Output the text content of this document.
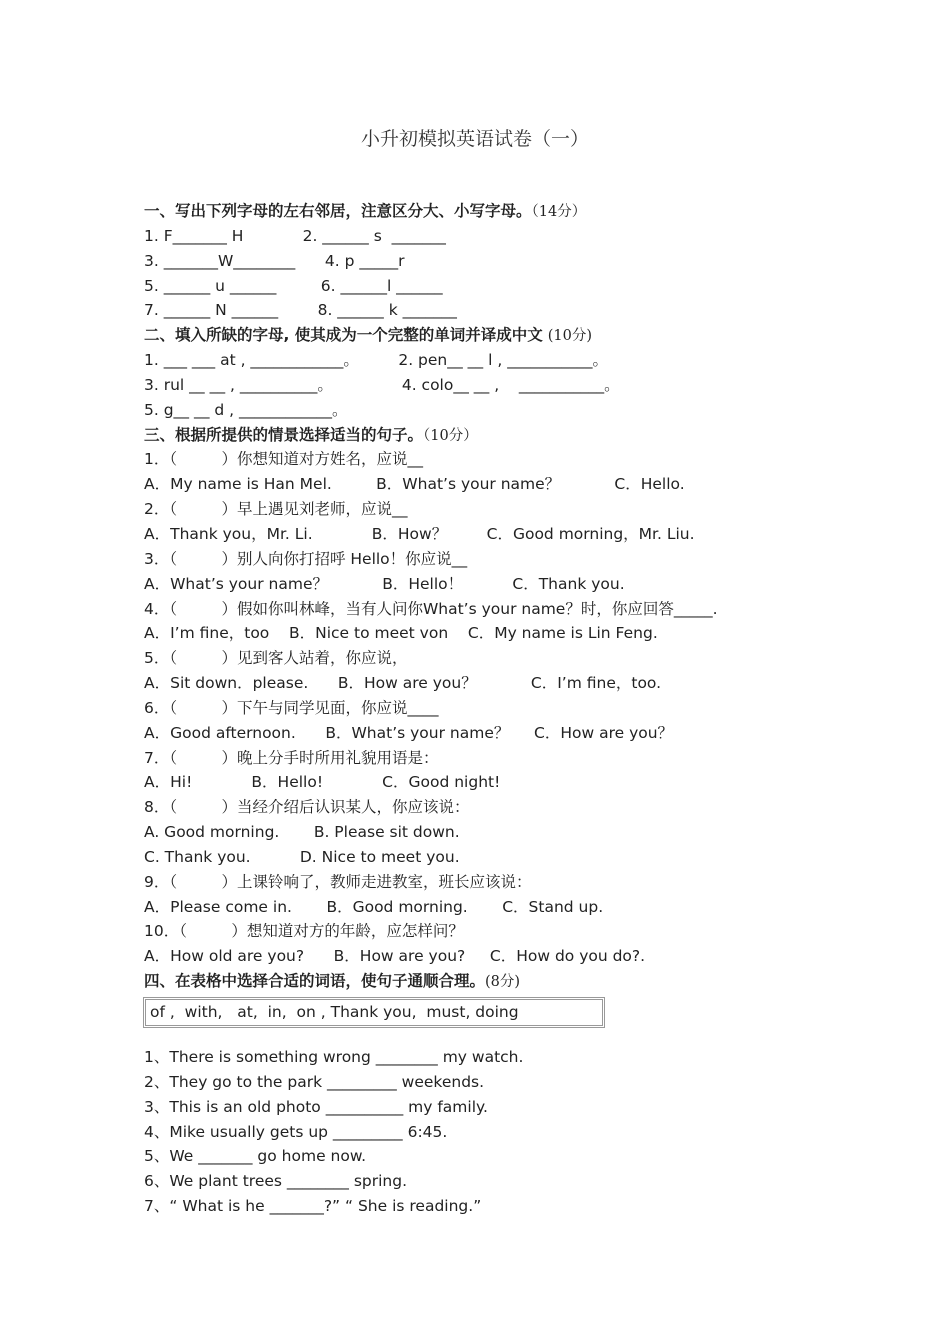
小升初模拟英语试卷（一）
一、写出下列字母的左右邻居，注意区分大、小写字母。（14分）
1. F_______ H            2. ______ s  _______
3. _______W________      4. p _____r
5. ______ u ______         6. ______l ______
7. ______ N ______        8. ______ k _______
二、填入所缺的字母, 使其成为一个完整的单词并译成中文 (10分)
1. ___ ___ at , ____________。        2. pen__ __ l , ___________。
3. rul __ __ , __________。              4. colo__ __ ,    ___________。
5. g__ __ d , ____________。
三、根据所提供的情景选择适当的句子。（10分）
1．（         ）你想知道对方姓名，应说__
A．My name is Han Mel.         B．What’s your name？           C．Hello.
2．（         ）早上遇见刘老师，应说__
A．Thank you，Mr. Li.            B．How？        C．Good morning，Mr. Liu.
3．（         ）别人向你打招呼 Hello！你应说__
A．What’s your name？           B．Hello！          C．Thank you.
4．（         ）假如你叫林峰，当有人问你What’s your name？时，你应回答_____.
A．I’m fine，too    B．Nice to meet von    C．My name is Lin Feng.
5．（         ）见到客人站着，你应说，
A．Sit down．please.      B．How are you？           C．I’m fine，too.
6．（         ）下午与同学见面，你应说____
A．Good afternoon.      B．What’s your name？     C．How are you？
7．（         ）晚上分手时所用礼貌用语是：
A．Hi!            B．Hello!            C．Good night!
8．（         ）当经介绍后认识某人，你应该说：
A. Good morning.       B. Please sit down.
C. Thank you.          D. Nice to meet you.
9．（         ）上课铃响了，教师走进教室，班长应该说：
A．Please come in.       B．Good morning.       C．Stand up.
10．（         ）想知道对方的年龄，应怎样问？
A．How old are you?      B．How are you?     C．How do you do?.
四、在表格中选择合适的词语，使句子通顺合理。(8分)
of ,  with,   at,  in,  on , Thank you,  must, doing
1、There is something wrong ________ my watch.
2、They go to the park _________ weekends.
3、This is an old photo __________ my family.
4、Mike usually gets up _________ 6:45.
5、We _______ go home now.
6、We plant trees ________ spring.
7、“ What is he _______?” “ She is reading.”
